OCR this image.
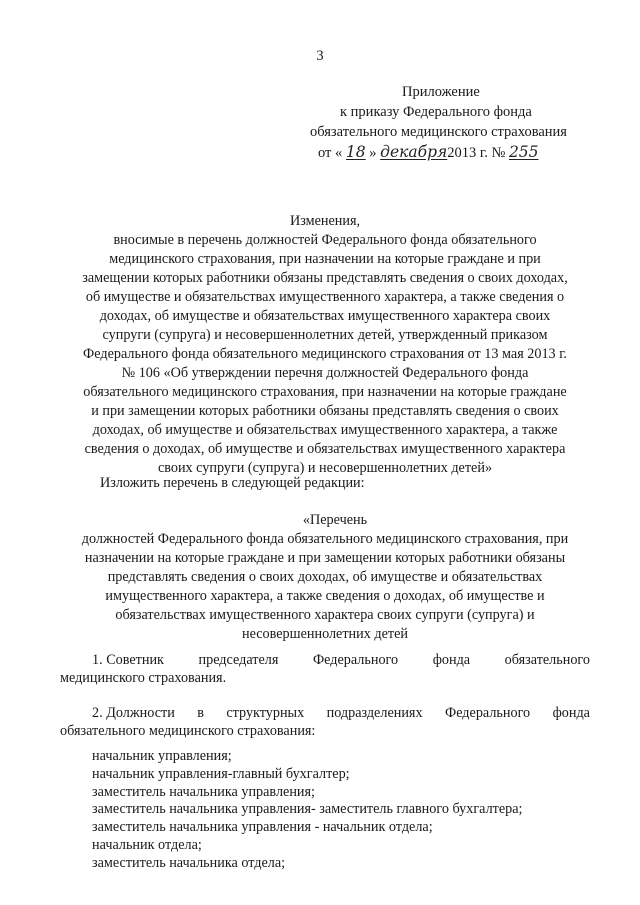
3
Приложение
к приказу Федерального фонда
обязательного медицинского страхования
от « 18 » декабря2013 г. № 255
Изменения,
вносимые в перечень должностей Федерального фонда обязательного
медицинского страхования, при назначении на которые граждане и при
замещении которых работники обязаны представлять сведения о своих доходах,
об имуществе и обязательствах имущественного характера, а также сведения о
доходах, об имуществе и обязательствах имущественного характера своих
супруги (супруга) и несовершеннолетних детей, утвержденный приказом
Федерального фонда обязательного медицинского страхования от 13 мая 2013 г.
№ 106 «Об утверждении перечня должностей Федерального фонда
обязательного медицинского страхования, при назначении на которые граждане
и при замещении которых работники обязаны представлять сведения о своих
доходах, об имуществе и обязательствах имущественного характера, а также
сведения о доходах, об имуществе и обязательствах имущественного характера
своих супруги (супруга) и несовершеннолетних детей»
Изложить перечень в следующей редакции:
«Перечень
должностей Федерального фонда обязательного медицинского страхования, при
назначении на которые граждане и при замещении которых работники обязаны
представлять сведения о своих доходах, об имуществе и обязательствах
имущественного характера, а также сведения о доходах, об имуществе и
обязательствах имущественного характера своих супруги (супруга) и
несовершеннолетних детей
1. Советник председателя Федерального фонда обязательного
медицинского страхования.
2. Должности в структурных подразделениях Федерального фонда
обязательного медицинского страхования:
начальник управления;
начальник управления-главный бухгалтер;
заместитель начальника управления;
заместитель начальника управления- заместитель главного бухгалтера;
заместитель начальника управления - начальник отдела;
начальник отдела;
заместитель начальника отдела;
